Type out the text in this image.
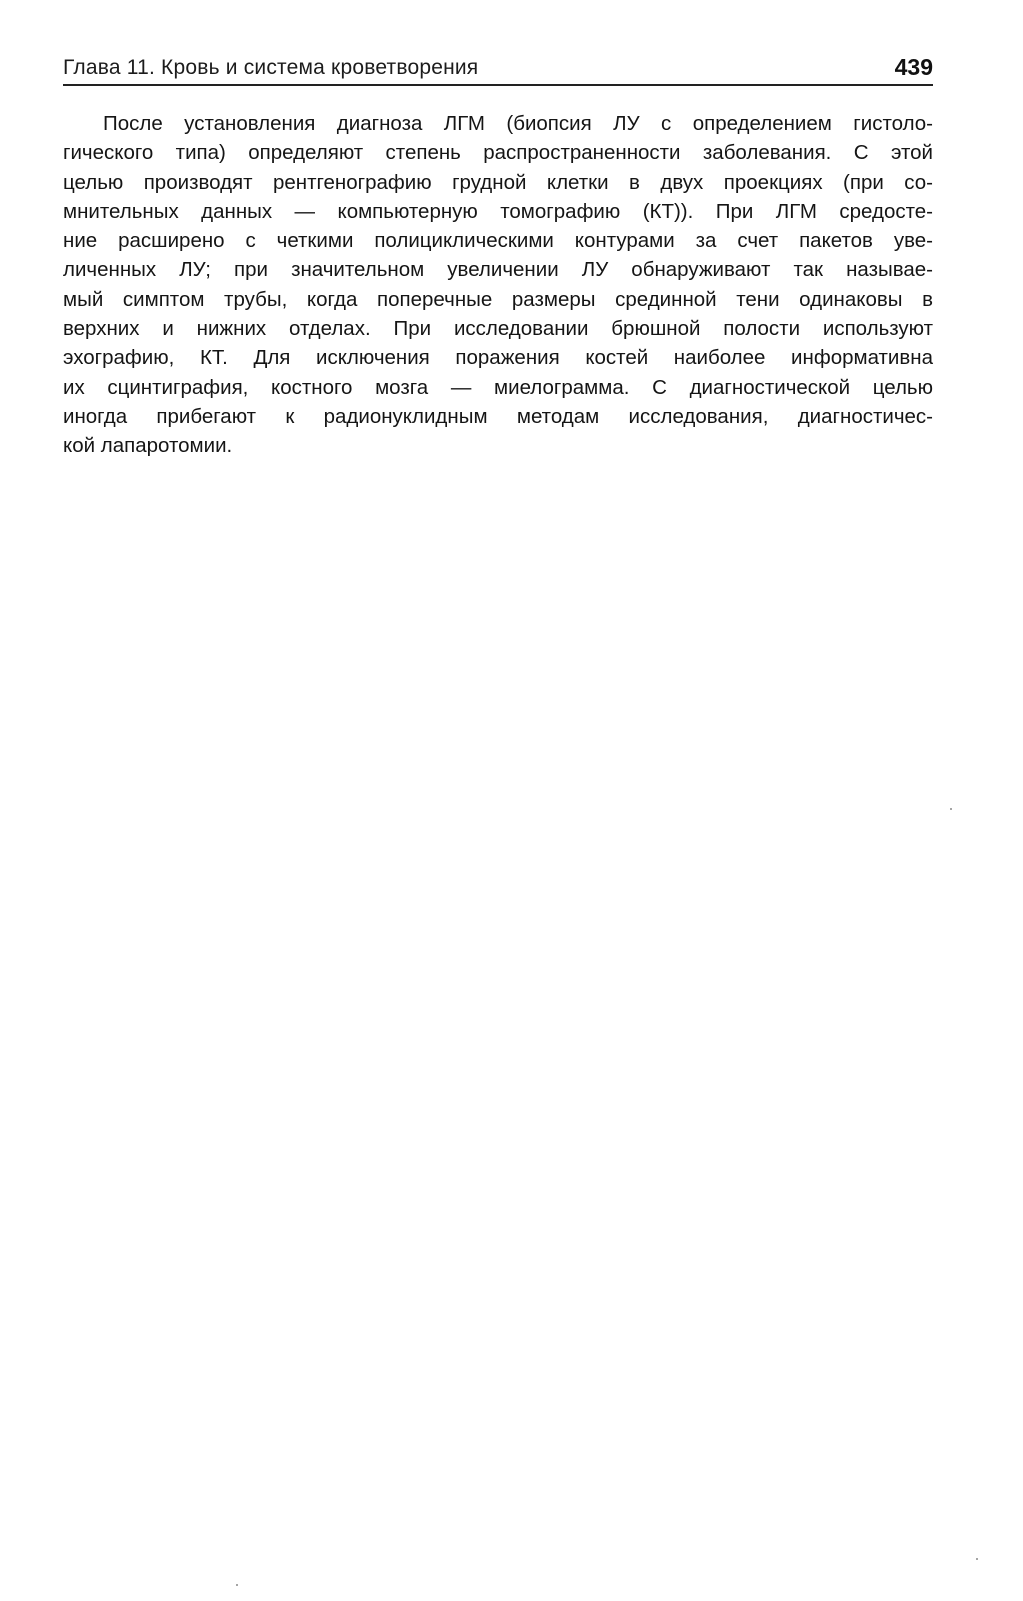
Глава 11. Кровь и система кроветворения	439
После установления диагноза ЛГМ (биопсия ЛУ с определением гистоло-
гического типа) определяют степень распространенности заболевания. С этой
целью производят рентгенографию грудной клетки в двух проекциях (при со-
мнительных данных — компьютерную томографию (КТ)). При ЛГМ средосте-
ние расширено с четкими полициклическими контурами за счет пакетов уве-
личенных ЛУ; при значительном увеличении ЛУ обнаруживают так называе-
мый симптом трубы, когда поперечные размеры срединной тени одинаковы в
верхних и нижних отделах. При исследовании брюшной полости используют
эхографию, КТ. Для исключения поражения костей наиболее информативна
их сцинтиграфия, костного мозга — миелограмма. С диагностической целью
иногда прибегают к радионуклидным методам исследования, диагностичес-
кой лапаротомии.
